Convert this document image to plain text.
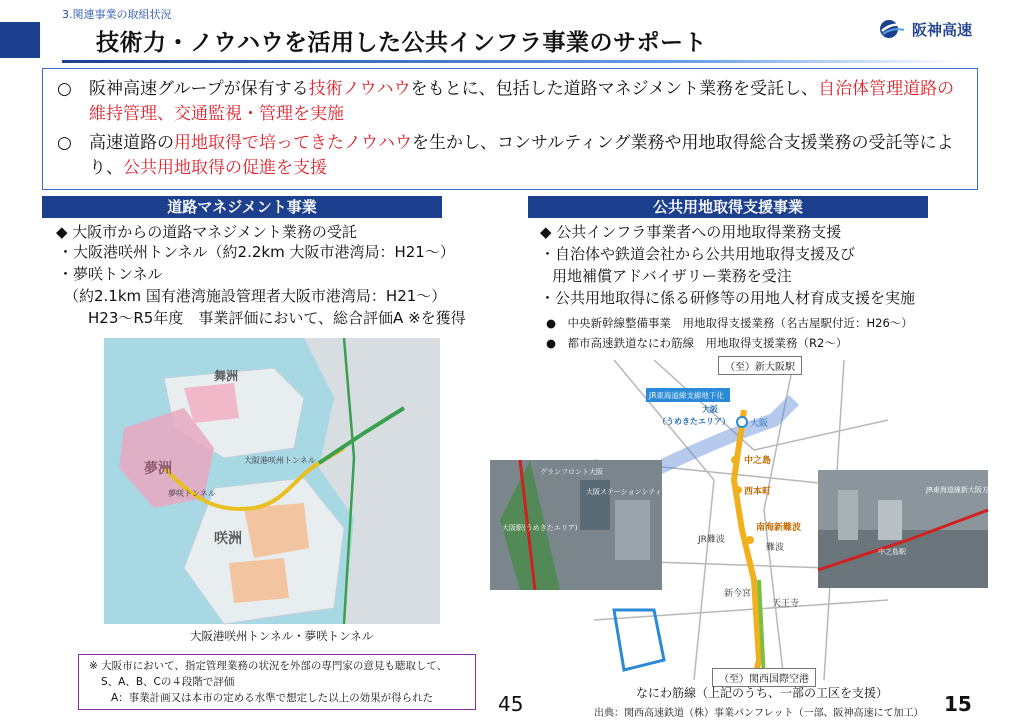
3.関連事業の取組状況
技術力・ノウハウを活用した公共インフラ事業のサポート
阪神高速
○	阪神高速グループが保有する技術ノウハウをもとに、包括した道路マネジメント業務を受託し、自治体管理道路の維持管理、交通監視・管理を実施
○	高速道路の用地取得で培ってきたノウハウを生かし、コンサルティング業務や用地取得総合支援業務の受託等により、公共用地取得の促進を支援
道路マネジメント事業
◆ 大阪市からの道路マネジメント業務の受託
・大阪港咲州トンネル（約2.2km 大阪市港湾局：H21～）
・夢咲トンネル
（約2.1km 国有港湾施設管理者大阪市港湾局：H21～）
H23～R5年度　事業評価において、総合評価A ※を獲得
舞洲
夢洲
咲洲
夢咲トンネル
大阪港咲州トンネル
大阪港咲州トンネル・夢咲トンネル
※ 大阪市において、指定管理業務の状況を外部の専門家の意見も聴取して、
S、A、B、Cの４段階で評価
A：事業計画又は本市の定める水準で想定した以上の効果が得られた
公共用地取得支援事業
◆ 公共インフラ事業者への用地取得業務支援
・自治体や鉄道会社から公共用地取得支援及び
用地補償アドバイザリー業務を受注
・公共用地取得に係る研修等の用地人材育成支援を実施
●　中央新幹線整備事業　用地取得支援業務（名古屋駅付近：H26～）
●　都市高速鉄道なにわ筋線　用地取得支援業務（R2～）
大阪
中之島
西本町
南海新難波
JR難波
難波
新今宮
天王寺
JR東海道線支線地下化
大阪
（うめきたエリア）
グランフロント大阪
大阪駅(うめきたエリア)
大阪ステーションシティ	JR東海道線新大阪方面
中之島駅
（至）新大阪駅
（至）関西国際空港
なにわ筋線（上記のうち、一部の工区を支援）
出典：関西高速鉄道（株）事業パンフレット（一部、阪神高速にて加工）
45	15
